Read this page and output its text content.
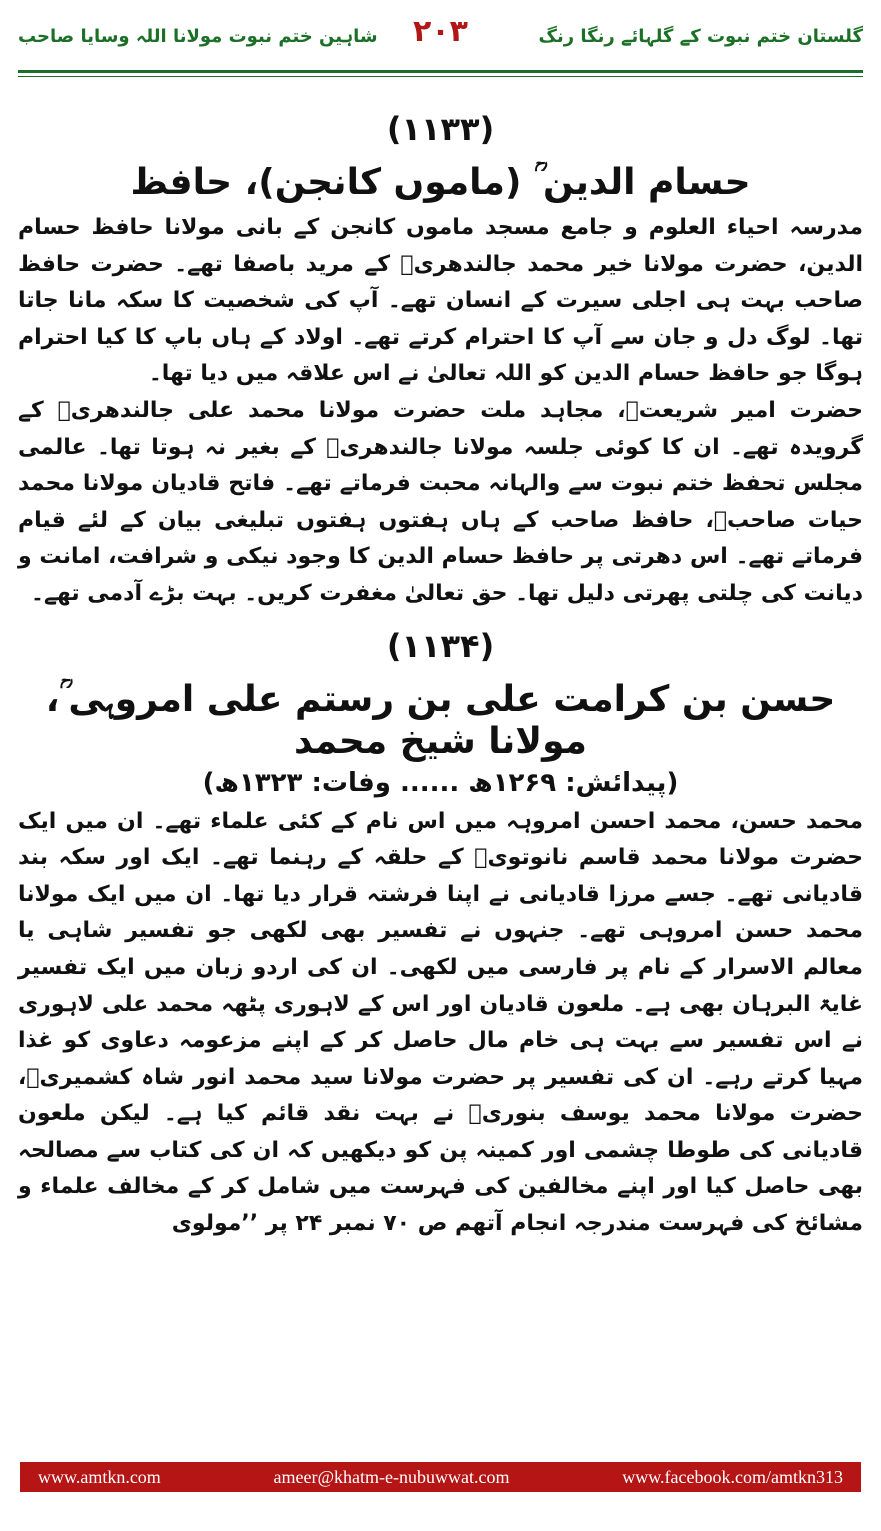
گلستان ختم نبوت کے گلہائے رنگا رنگ
۲۰۳
شاہین ختم نبوت مولانا اللہ وسایا صاحب
(۱۱۳۳)
حسام الدین ؒ (ماموں کانجن)، حافظ

مدرسہ احیاء العلوم و جامع مسجد ماموں کانجن کے بانی مولانا حافظ حسام الدین، حضرت مولانا خیر محمد جالندھریؒ کے مرید باصفا تھے۔ حضرت حافظ صاحب بہت ہی اجلی سیرت کے انسان تھے۔ آپ کی شخصیت کا سکہ مانا جاتا تھا۔ لوگ دل و جان سے آپ کا احترام کرتے تھے۔ اولاد کے ہاں باپ کا کیا احترام ہوگا جو حافظ حسام الدین کو اللہ تعالیٰ نے اس علاقہ میں دیا تھا۔

حضرت امیر شریعتؒ، مجاہد ملت حضرت مولانا محمد علی جالندھریؒ کے گرویدہ تھے۔ ان کا کوئی جلسہ مولانا جالندھریؒ کے بغیر نہ ہوتا تھا۔ عالمی مجلس تحفظ ختم نبوت سے والہانہ محبت فرماتے تھے۔ فاتح قادیان مولانا محمد حیات صاحبؒ، حافظ صاحب کے ہاں ہفتوں ہفتوں تبلیغی بیان کے لئے قیام فرماتے تھے۔ اس دھرتی پر حافظ حسام الدین کا وجود نیکی و شرافت، امانت و دیانت کی چلتی پھرتی دلیل تھا۔ حق تعالیٰ مغفرت کریں۔ بہت بڑے آدمی تھے۔

(۱۱۳۴)
حسن بن کرامت علی بن رستم علی امروہی ؒ، مولانا شیخ محمد
(پیدائش: ۱۲۶۹ھ ...... وفات: ۱۳۲۳ھ)

محمد حسن، محمد احسن امروہہ میں اس نام کے کئی علماء تھے۔ ان میں ایک حضرت مولانا محمد قاسم نانوتویؒ کے حلقہ کے رہنما تھے۔ ایک اور سکہ بند قادیانی تھے۔ جسے مرزا قادیانی نے اپنا فرشتہ قرار دیا تھا۔ ان میں ایک مولانا محمد حسن امروہی تھے۔ جنہوں نے تفسیر بھی لکھی جو تفسیر شاہی یا معالم الاسرار کے نام پر فارسی میں لکھی۔ ان کی اردو زبان میں ایک تفسیر غایۃ البرہان بھی ہے۔ ملعون قادیان اور اس کے لاہوری پٹھہ محمد علی لاہوری نے اس تفسیر سے بہت ہی خام مال حاصل کر کے اپنے مزعومہ دعاوی کو غذا مہیا کرتے رہے۔ ان کی تفسیر پر حضرت مولانا سید محمد انور شاہ کشمیریؒ، حضرت مولانا محمد یوسف بنوریؒ نے بہت نقد قائم کیا ہے۔ لیکن ملعون قادیانی کی طوطا چشمی اور کمینہ پن کو دیکھیں کہ ان کی کتاب سے مصالحہ بھی حاصل کیا اور اپنے مخالفین کی فہرست میں شامل کر کے مخالف علماء و مشائخ کی فہرست مندرجہ انجام آتھم ص ۷۰ نمبر ۲۴ پر ’’مولوی

www.amtkn.com	ameer@khatm-e-nubuwwat.com	www.facebook.com/amtkn313
